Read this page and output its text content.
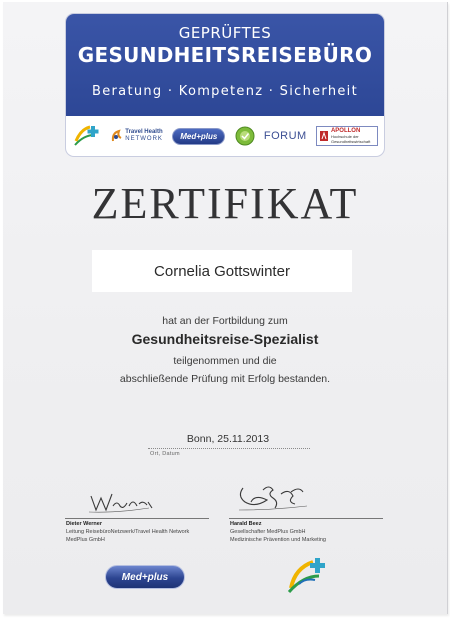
GEPRÜFTES
GESUNDHEITSREISEBÜRO
Beratung · Kompetenz · Sicherheit
Travel Health
NETWORK	Med+plus	FORUM	APOLLON
Hochschule der Gesundheitswirtschaft
ZERTIFIKAT
Cornelia Gottswinter
hat an der Fortbildung zum
Gesundheitsreise-Spezialist
teilgenommen und die
abschließende Prüfung mit Erfolg bestanden.
Bonn, 25.11.2013
Ort, Datum
Dieter Werner
Leitung ReisebüroNetzwerk/Travel Health Network
MedPlus GmbH
Harald Beez
Gesellschafter MedPlus GmbH
Medizinische Prävention und Marketing
Med+plus
